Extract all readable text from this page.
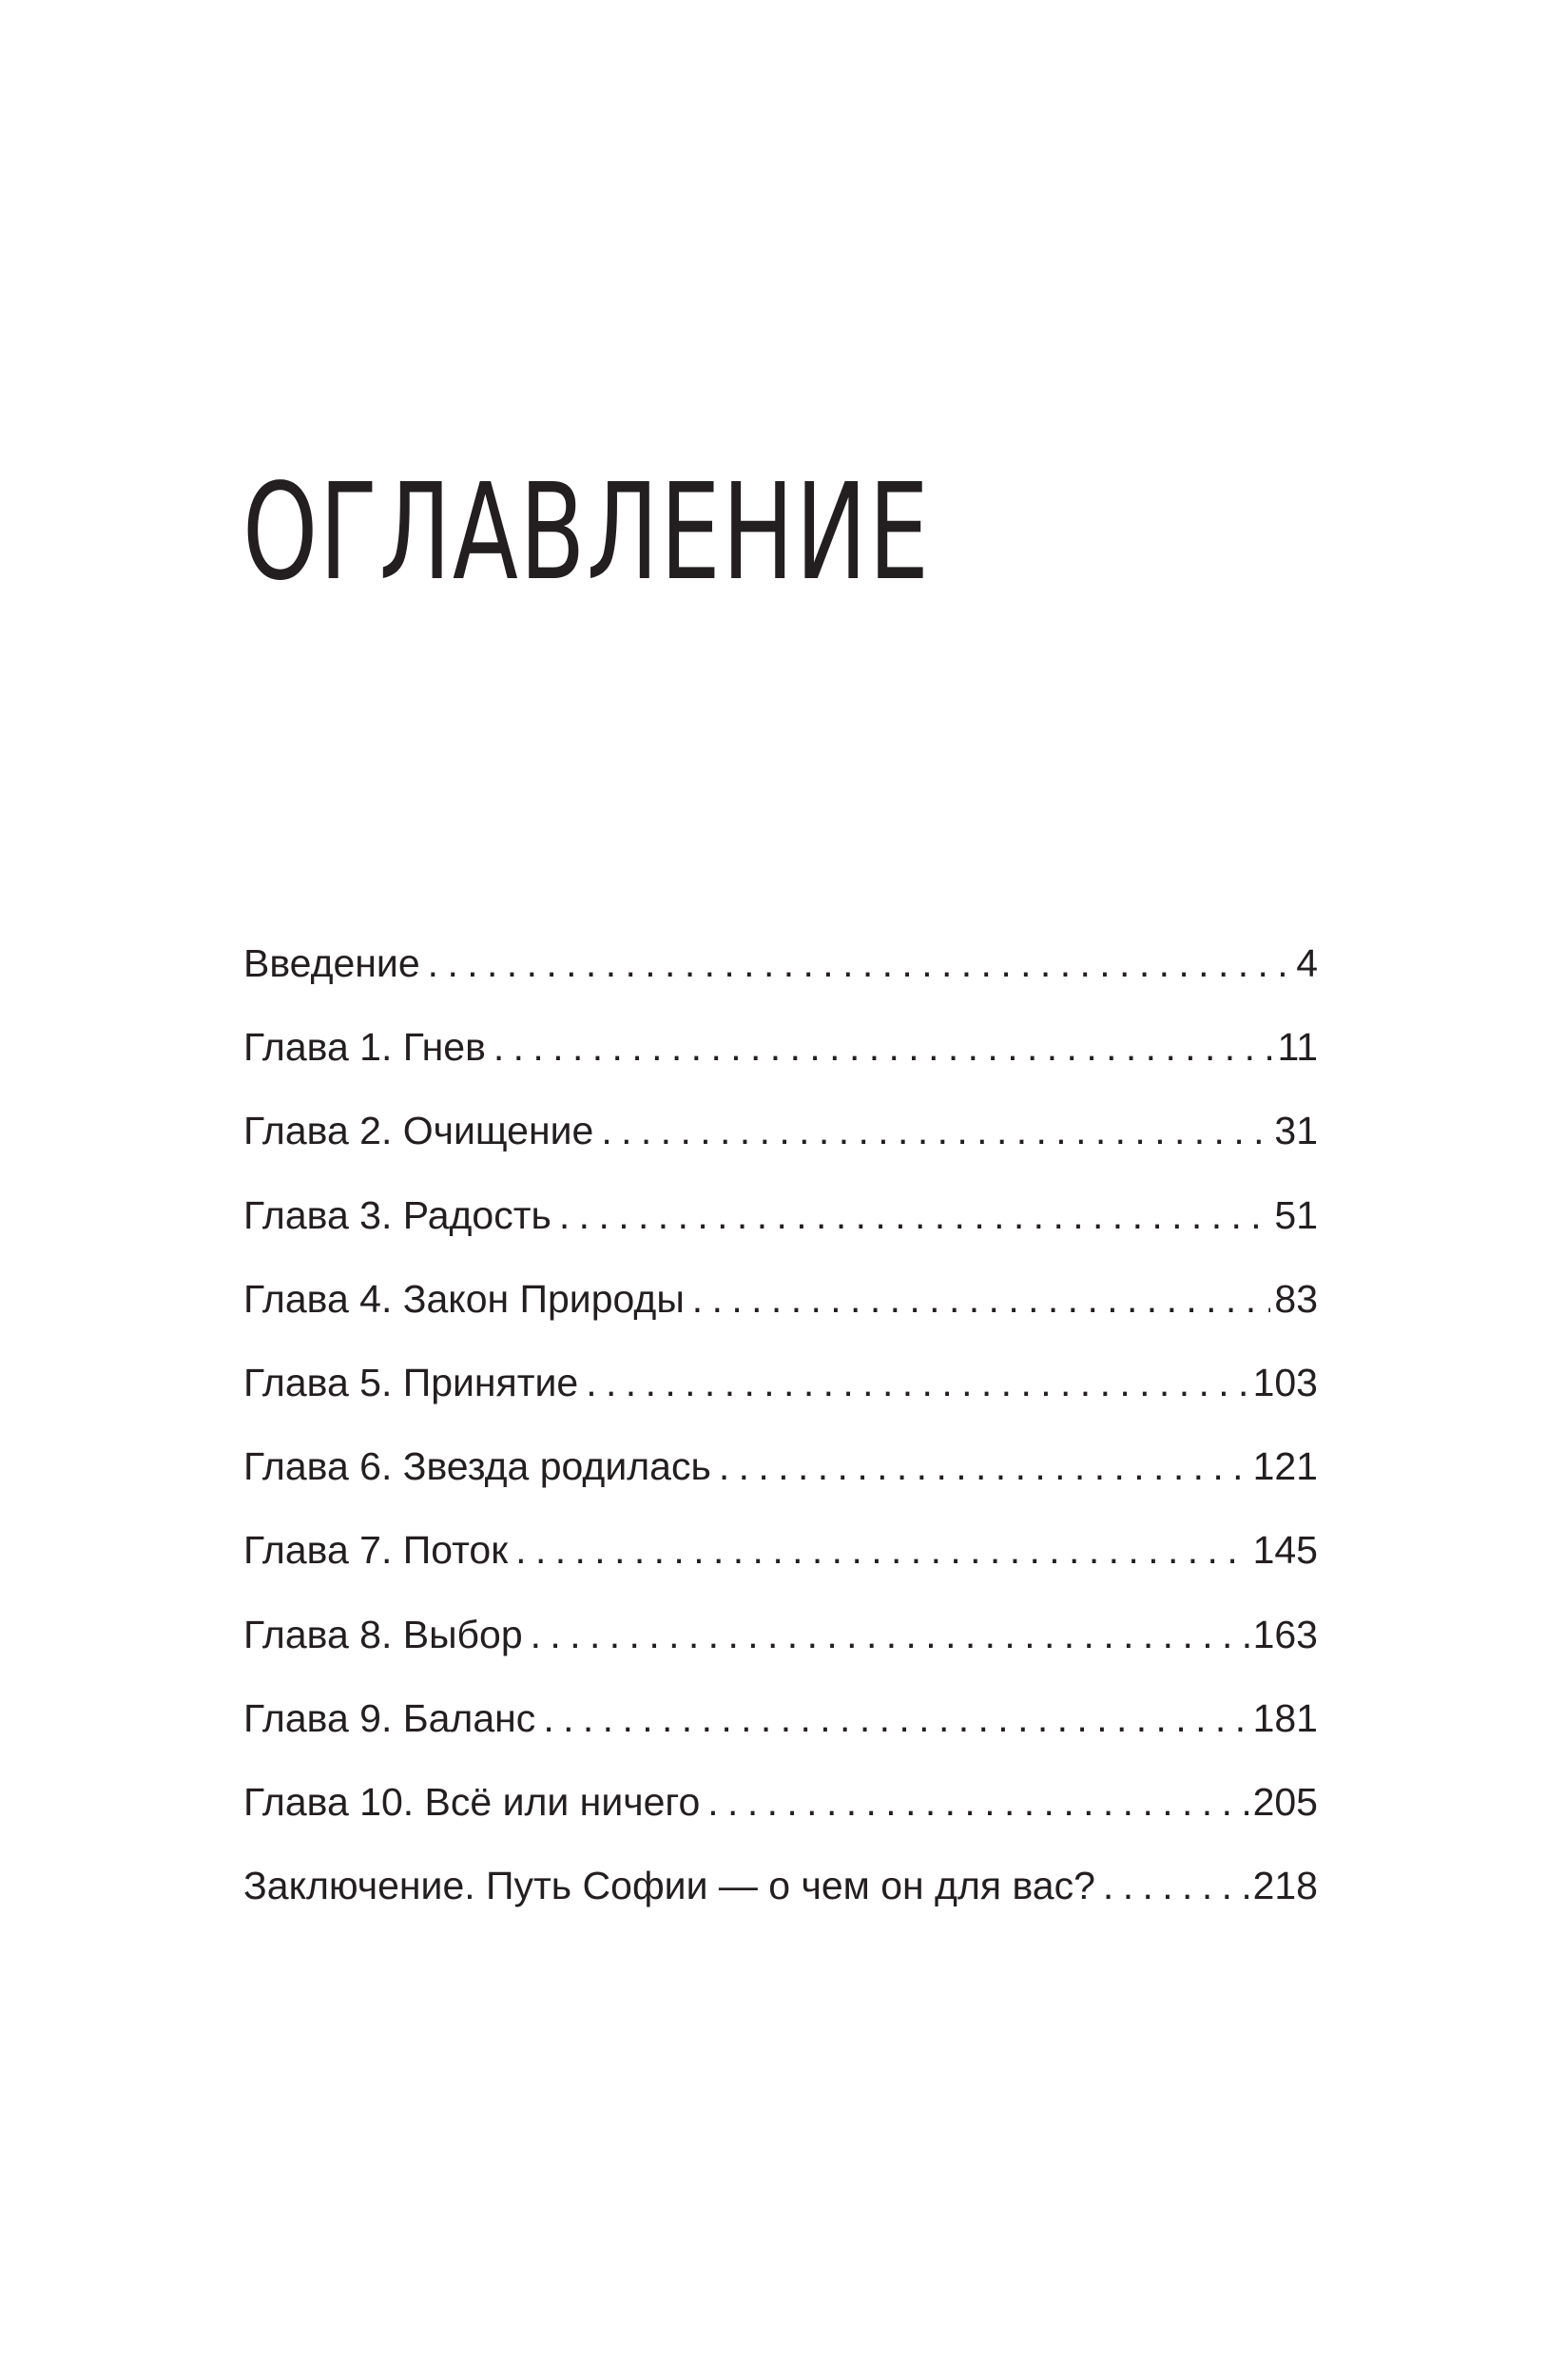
ОГЛАВЛЕНИЕ
Введение . . .	4
Глава 1. Гнев . . .	11
Глава 2. Очищение . . .	31
Глава 3. Радость . . .	51
Глава 4. Закон Природы . . .	83
Глава 5. Принятие . . .	103
Глава 6. Звезда родилась . . .	121
Глава 7. Поток . . .	145
Глава 8. Выбор . . .	163
Глава 9. Баланс . . .	181
Глава 10. Всё или ничего . . .	205
Заключение. Путь Софии — о чем он для вас? . . .	218
